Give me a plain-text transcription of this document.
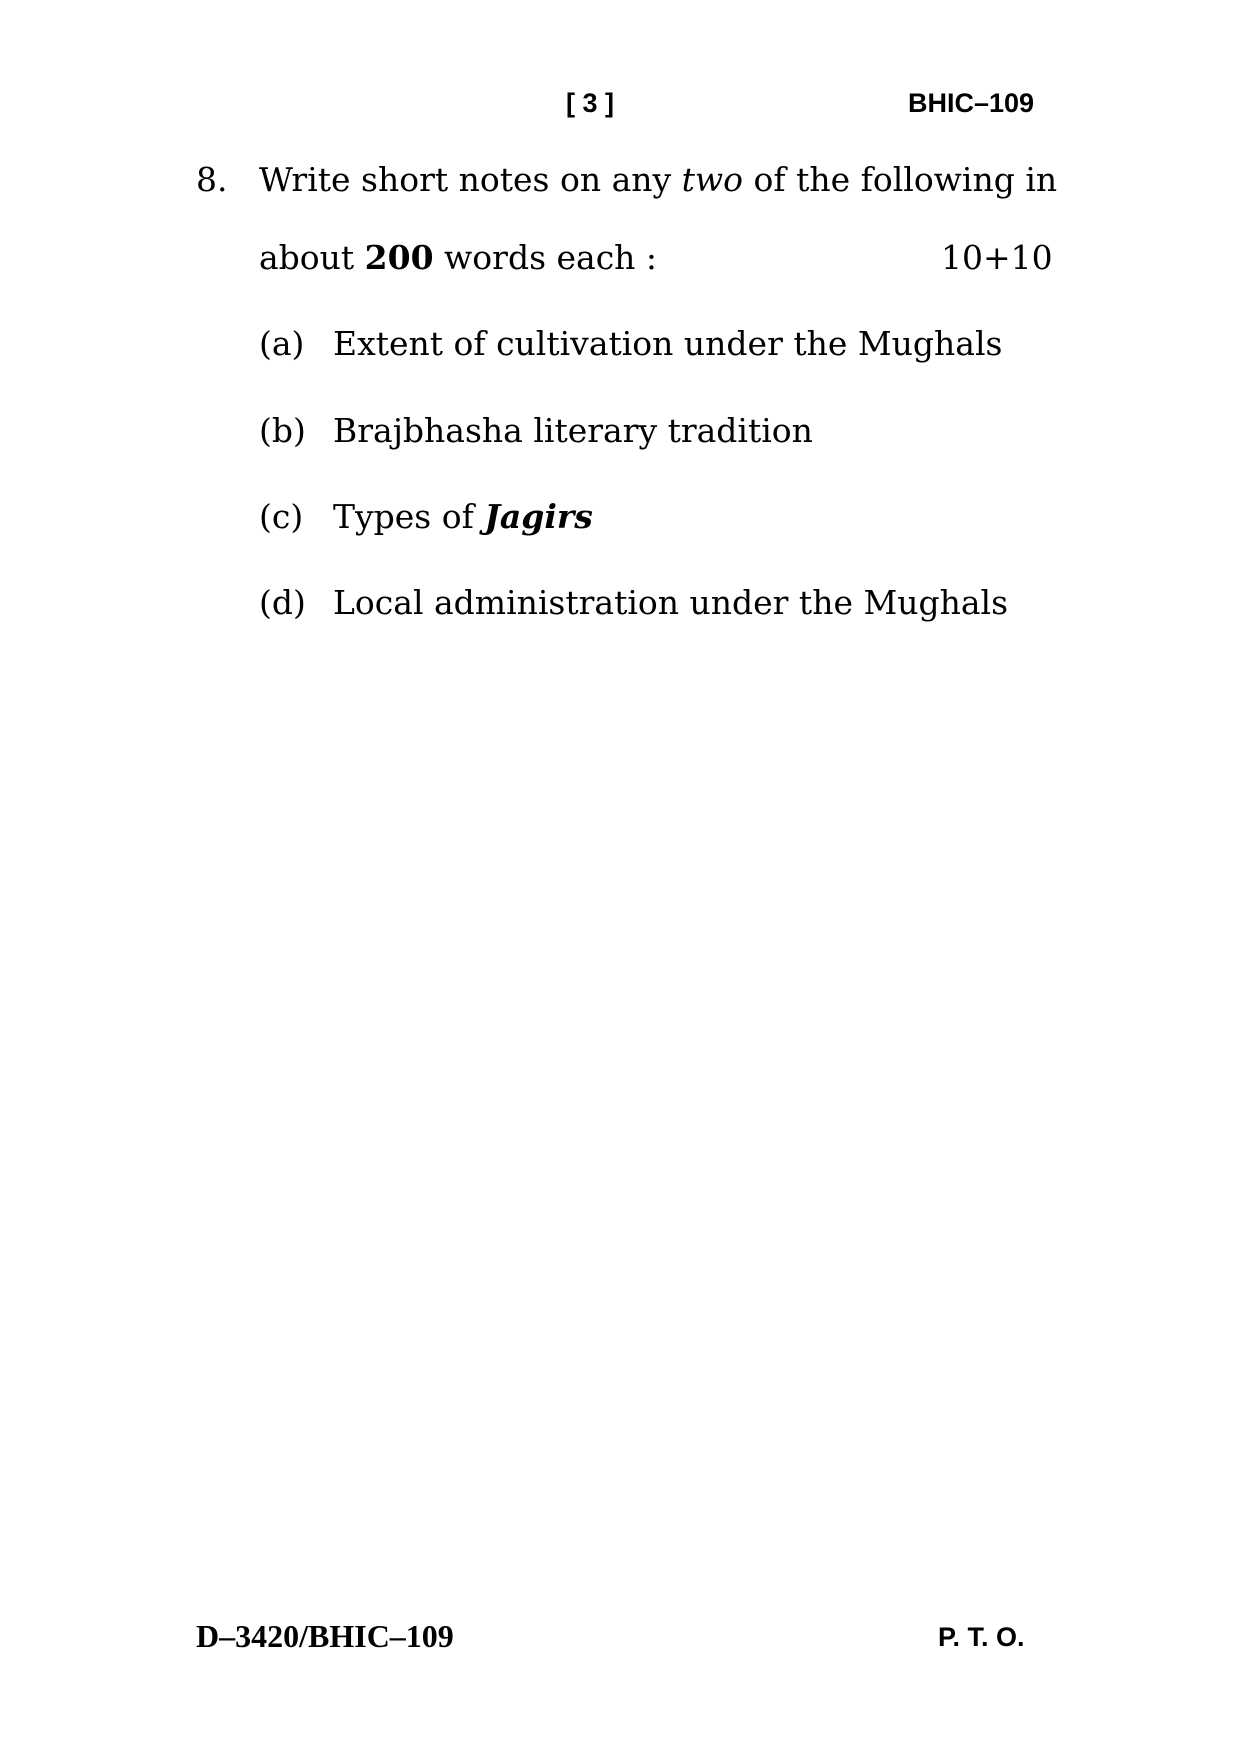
[ 3 ]	BHIC–109
8. Write short notes on any two of the following in
about 200 words each :	10+10
(a) Extent of cultivation under the Mughals
(b) Brajbhasha literary tradition
(c) Types of Jagirs
(d) Local administration under the Mughals
D–3420/BHIC–109	P. T. O.
